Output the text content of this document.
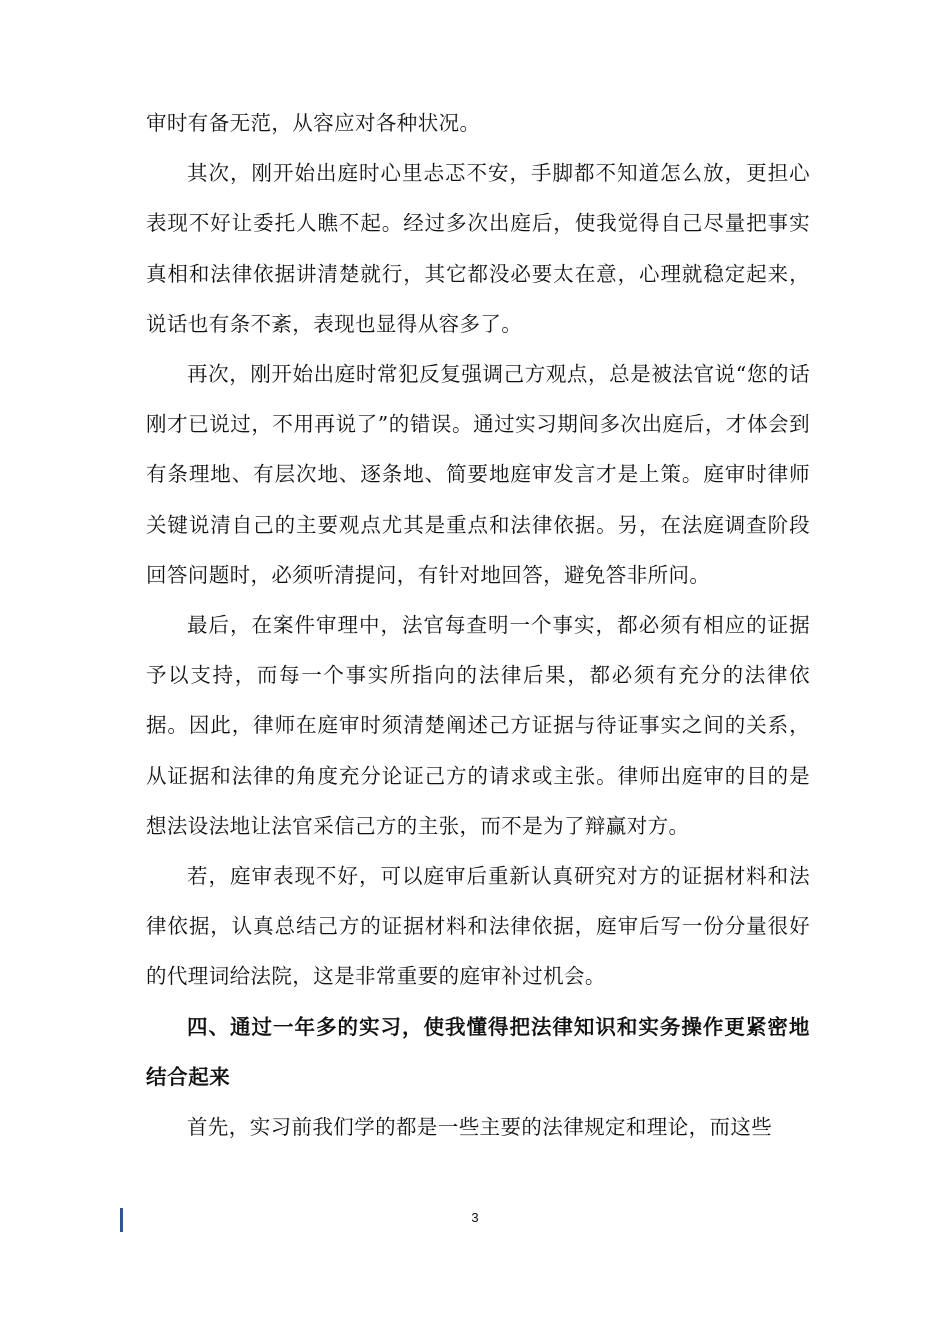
审时有备无范，从容应对各种状况。

其次，刚开始出庭时心里忐忑不安，手脚都不知道怎么放，更担心表现不好让委托人瞧不起。经过多次出庭后，使我觉得自己尽量把事实真相和法律依据讲清楚就行，其它都没必要太在意，心理就稳定起来，说话也有条不紊，表现也显得从容多了。

再次，刚开始出庭时常犯反复强调己方观点，总是被法官说“您的话刚才已说过，不用再说了”的错误。通过实习期间多次出庭后，才体会到有条理地、有层次地、逐条地、简要地庭审发言才是上策。庭审时律师关键说清自己的主要观点尤其是重点和法律依据。另，在法庭调查阶段回答问题时，必须听清提问，有针对地回答，避免答非所问。

最后，在案件审理中，法官每查明一个事实，都必须有相应的证据予以支持，而每一个事实所指向的法律后果，都必须有充分的法律依据。因此，律师在庭审时须清楚阐述己方证据与待证事实之间的关系，从证据和法律的角度充分论证己方的请求或主张。律师出庭审的目的是想法设法地让法官采信己方的主张，而不是为了辩赢对方。

若，庭审表现不好，可以庭审后重新认真研究对方的证据材料和法律依据，认真总结己方的证据材料和法律依据，庭审后写一份分量很好的代理词给法院，这是非常重要的庭审补过机会。

四、通过一年多的实习，使我懂得把法律知识和实务操作更紧密地结合起来

首先，实习前我们学的都是一些主要的法律规定和理论，而这些

3
